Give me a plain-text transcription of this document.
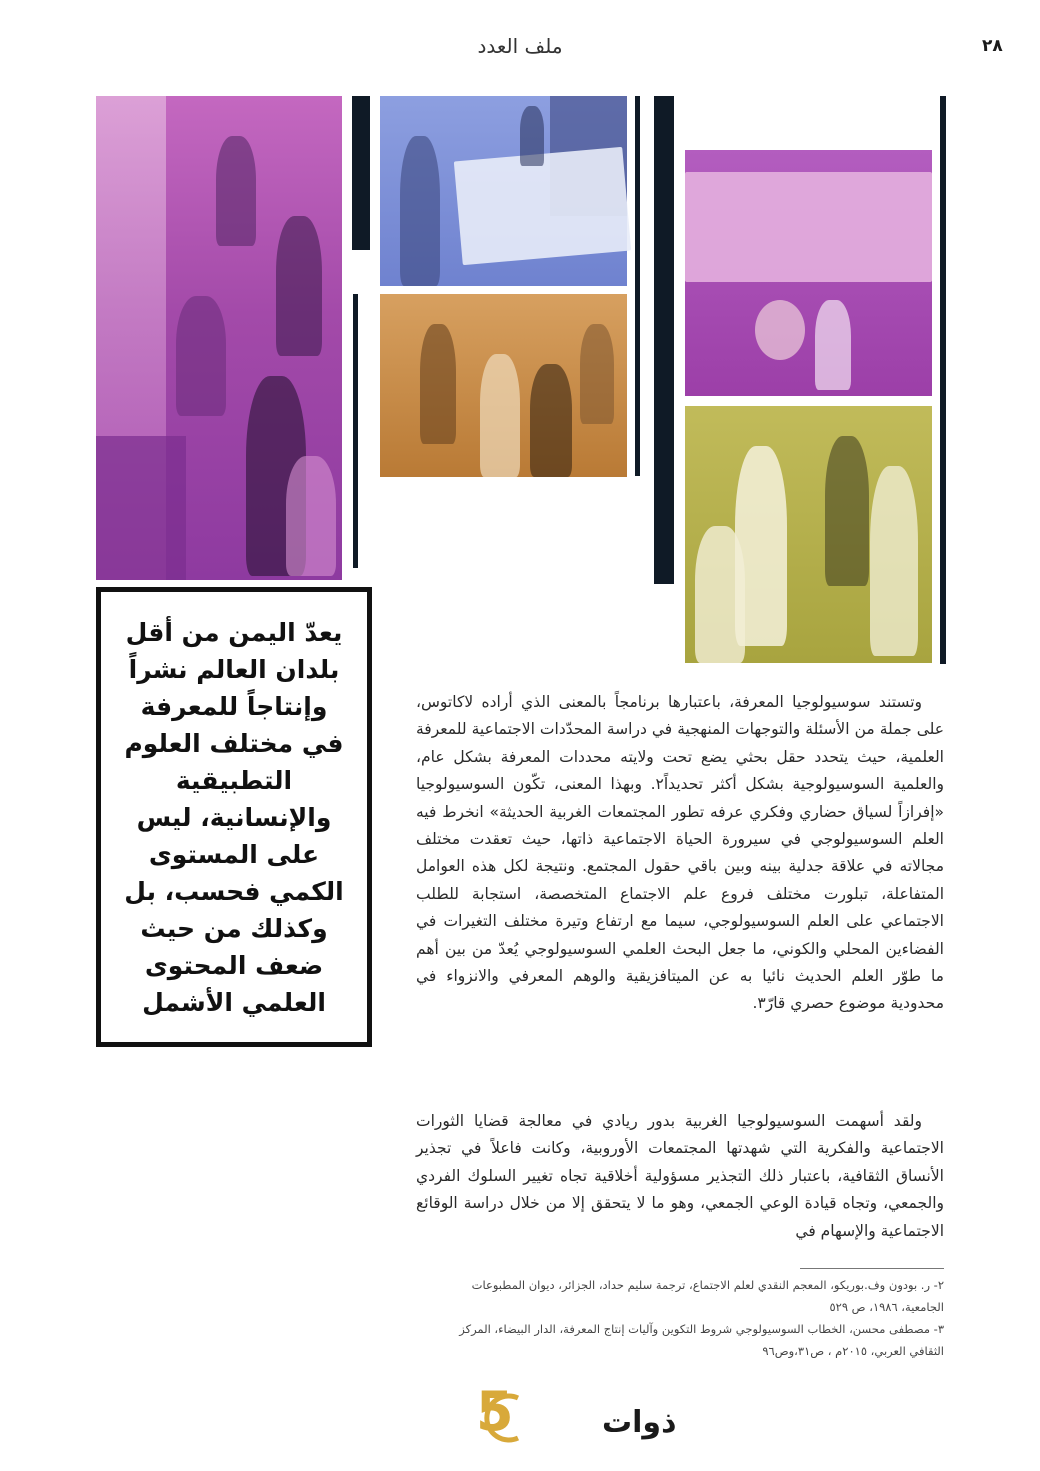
٢٨
ملف العدد
يعدّ اليمن من أقل بلدان العالم نشراً وإنتاجاً للمعرفة في مختلف العلوم التطبيقية والإنسانية، ليس على المستوى الكمي فحسب، بل وكذلك من حيث ضعف المحتوى العلمي الأشمل
وتستند سوسيولوجيا المعرفة، باعتبارها برنامجاً بالمعنى الذي أراده لاكاتوس، على جملة من الأسئلة والتوجهات المنهجية في دراسة المحدّدات الاجتماعية للمعرفة العلمية، حيث يتحدد حقل بحثي يضع تحت ولايته محددات المعرفة بشكل عام، والعلمية السوسيولوجية بشكل أكثر تحديداً٢. وبهذا المعنى، تكّون السوسيولوجيا «إفرازاً لسياق حضاري وفكري عرفه تطور المجتمعات الغربية الحديثة» انخرط فيه العلم السوسيولوجي في سيرورة الحياة الاجتماعية ذاتها، حيث تعقدت مختلف مجالاته في علاقة جدلية بينه وبين باقي حقول المجتمع. ونتيجة لكل هذه العوامل المتفاعلة، تبلورت مختلف فروع علم الاجتماع المتخصصة، استجابة للطلب الاجتماعي على العلم السوسيولوجي، سيما مع ارتفاع وتيرة مختلف التغيرات في الفضاءين المحلي والكوني، ما جعل البحث العلمي السوسيولوجي يُعدّ من بين أهم ما طوّر العلم الحديث نائيا به عن الميتافزيقية والوهم المعرفي والانزواء في محدودية موضوع حصري قارّ٣.
ولقد أسهمت السوسيولوجيا الغربية بدور ريادي في معالجة قضايا الثورات الاجتماعية والفكرية التي شهدتها المجتمعات الأوروبية، وكانت فاعلاً في تجذير الأنساق الثقافية، باعتبار ذلك التجذير مسؤولية أخلاقية تجاه تغيير السلوك الفردي والجمعي، وتجاه قيادة الوعي الجمعي، وهو ما لا يتحقق إلا من خلال دراسة الوقائع الاجتماعية والإسهام في
٢- ر. بودون وف.بوريكو، المعجم النقدي لعلم الاجتماع، ترجمة سليم حداد، الجزائر، ديوان المطبوعات الجامعية، ١٩٨٦، ص ٥٢٩
٣- مصطفى محسن، الخطاب السوسيولوجي شروط التكوين وآليات إنتاج المعرفة، الدار البيضاء، المركز الثقافي العربي، ٢٠١٥م ، ص٣١،وص٩٦
5	ذوات
